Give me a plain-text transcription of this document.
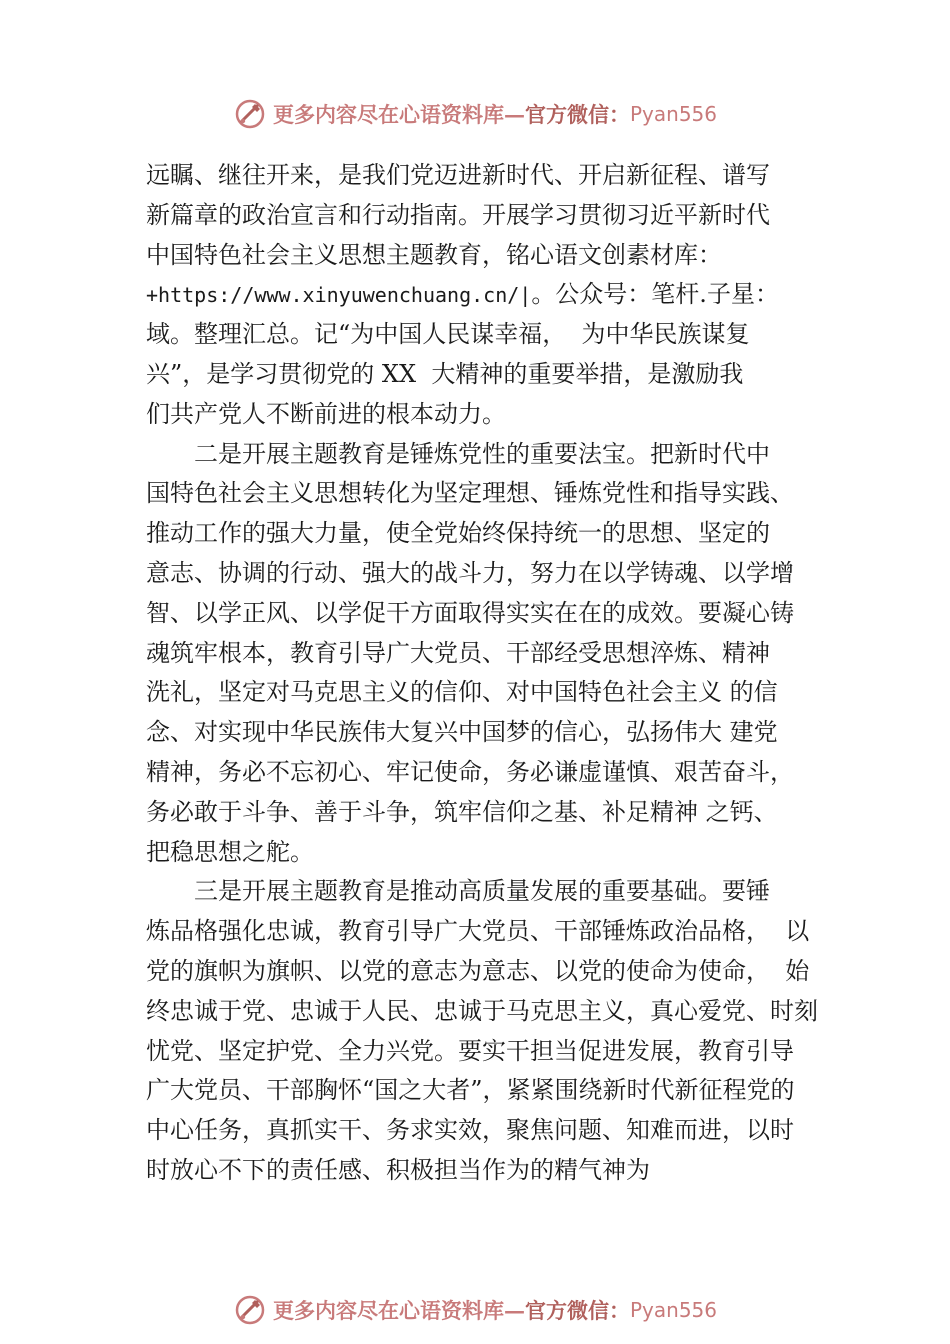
更多内容尽在心语资料库 — 官方微信： Pyan556
远瞩、继往开来，是我们党迈进新时代、开启新征程、谱写
新篇章的政治宣言和行动指南。开展学习贯彻习近平新时代
中国特色社会主义思想主题教育，铭心语文创素材库：
+https://www.xinyuwenchuang.cn/|。公众号：笔杆.子星：
域。整理汇总。记“为中国人民谋幸福，  为中华民族谋复
兴”，是学习贯彻党的 XX  大精神的重要举措，是激励我
们共产党人不断前进的根本动力。
二是开展主题教育是锤炼党性的重要法宝。把新时代中
国特色社会主义思想转化为坚定理想、锤炼党性和指导实践、
推动工作的强大力量，使全党始终保持统一的思想、坚定的
意志、协调的行动、强大的战斗力，努力在以学铸魂、以学增
智、以学正风、以学促干方面取得实实在在的成效。要凝心铸
魂筑牢根本，教育引导广大党员、干部经受思想淬炼、精神
洗礼，坚定对马克思主义的信仰、对中国特色社会主义 的信
念、对实现中华民族伟大复兴中国梦的信心，弘扬伟大 建党
精神，务必不忘初心、牢记使命，务必谦虚谨慎、艰苦奋斗，
务必敢于斗争、善于斗争，筑牢信仰之基、补足精神 之钙、
把稳思想之舵。
三是开展主题教育是推动高质量发展的重要基础。要锤
炼品格强化忠诚，教育引导广大党员、干部锤炼政治品格，  以
党的旗帜为旗帜、以党的意志为意志、以党的使命为使命，  始
终忠诚于党、忠诚于人民、忠诚于马克思主义，真心爱党、时刻
忧党、坚定护党、全力兴党。要实干担当促进发展，教育引导
广大党员、干部胸怀“国之大者”，紧紧围绕新时代新征程党的
中心任务，真抓实干、务求实效，聚焦问题、知难而进，以时
时放心不下的责任感、积极担当作为的精气神为
更多内容尽在心语资料库 — 官方微信： Pyan556
